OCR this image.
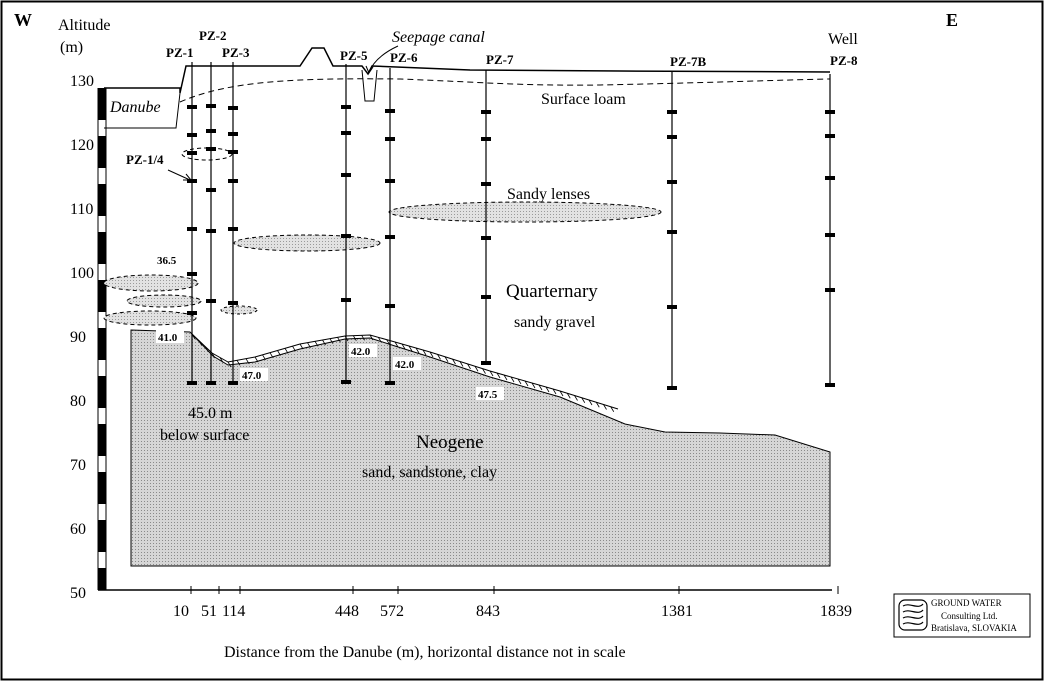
130
120
110
100
90
80
70
60
50
10 51 114	448 572	843	1381	1839
W	E
Altitude
(m)	PZ-1
PZ-2
PZ-3	PZ-5 PZ-6	PZ-7	PZ-7B
Well
PZ-8
Seepage canal
Danube	Surface loam
PZ-1/4
Sandy lenses
Quarternary
sandy gravel
Neogene
sand, sandstone, clay
45.0 m
below surface
36.5
41.0
47.0
42.0
42.0
47.5
Distance from the Danube (m), horizontal distance not in scale
GROUND WATER
Consulting Ltd.
Bratislava, SLOVAKIA
